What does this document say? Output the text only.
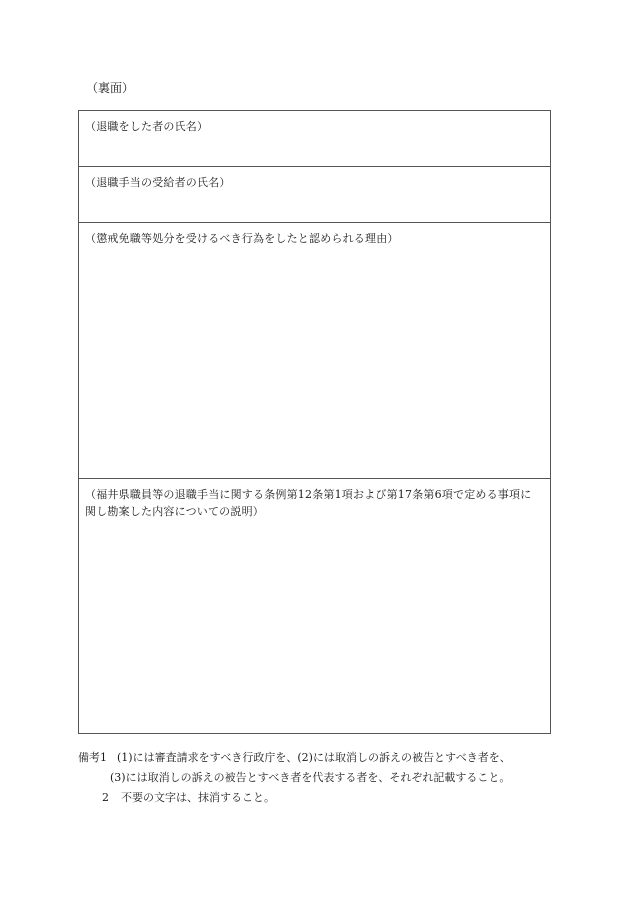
（裏面）
（退職をした者の氏名）
（退職手当の受給者の氏名）
（懲戒免職等処分を受けるべき行為をしたと認められる理由）
（福井県職員等の退職手当に関する条例第12条第1項および第17条第6項で定める事項に関し勘案した内容についての説明）
備考1 (1)には審査請求をすべき行政庁を、(2)には取消しの訴えの被告とすべき者を、
(3)には取消しの訴えの被告とすべき者を代表する者を、それぞれ記載すること。
2 不要の文字は、抹消すること。
